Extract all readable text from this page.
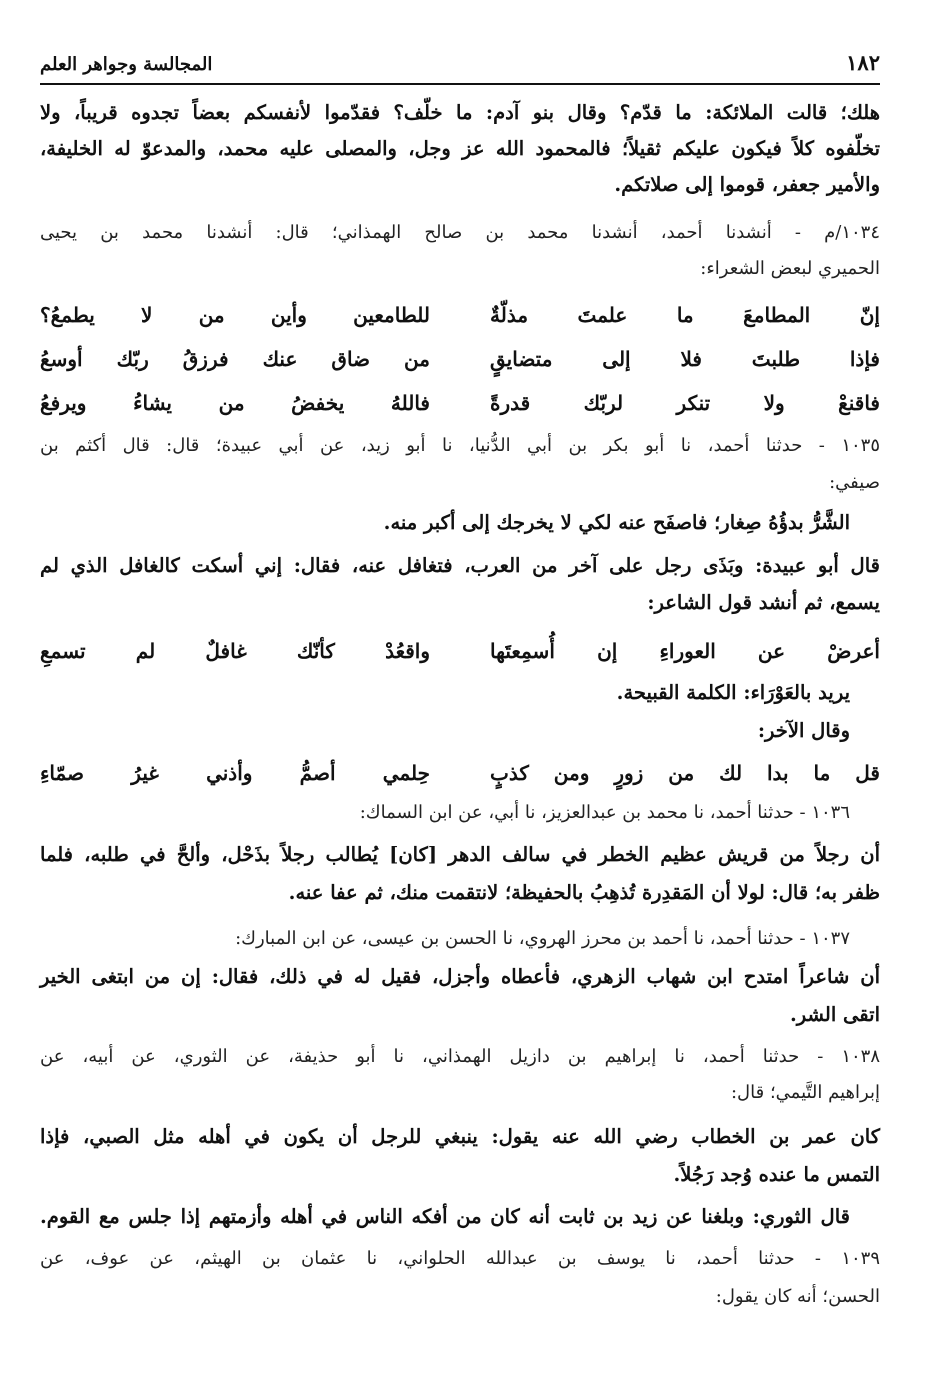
١٨٢
المجالسة وجواهر العلم
هلك؛ قالت الملائكة: ما قدّم؟ وقال بنو آدم: ما خلّف؟ فقدّموا لأنفسكم بعضاً تجدوه قريباً، ولا
تخلّفوه كلاً فيكون عليكم ثقيلاً؛ فالمحمود الله عز وجل، والمصلى عليه محمد، والمدعوّ له الخليفة،
والأمير جعفر، قوموا إلى صلاتكم.
١٠٣٤/م - أنشدنا أحمد، أنشدنا محمد بن صالح الهمذاني؛ قال: أنشدنا محمد بن يحيى
الحميري لبعض الشعراء:
إنّ المطامعَ ما علمتَ مذلّةٌ
للطامعين وأين من لا يطمعُ؟
فإذا طلبتَ فلا إلى متضايقٍ
من ضاق عنك فرزقُ ربّك أوسعُ
فاقنعْ ولا تنكر لربّك قدرةً
فاللهُ يخفضُ من يشاءُ ويرفعُ
١٠٣٥ - حدثنا أحمد، نا أبو بكر بن أبي الدُّنيا، نا أبو زيد، عن أبي عبيدة؛ قال: قال أكثم بن
صيفي:
الشَّرُّ بدؤُهُ صِغار؛ فاصفَح عنه لكي لا يخرجك إلى أكبر منه.
قال أبو عبيدة: وبَذَى رجل على آخر من العرب، فتغافل عنه، فقال: إني أسكت كالغافل الذي لم
يسمع، ثم أنشد قول الشاعر:
أعرضْ عن العوراءِ إن أُسمِعتَها
واقعُدْ كأنّك غافلٌ لم تسمعِ
يريد بالعَوْرَاء: الكلمة القبيحة.
وقال الآخر:
قل ما بدا لك من زورٍ ومن كذبٍ
حِلمي أصمُّ وأذني غيرُ صمّاءِ
١٠٣٦ - حدثنا أحمد، نا محمد بن عبدالعزيز، نا أبي، عن ابن السماك:
أن رجلاً من قريش عظيم الخطر في سالف الدهر [كان] يُطالب رجلاً بذَحْل، وألحَّ في طلبه، فلما
ظفر به؛ قال: لولا أن المَقدِرة تُذهِبُ بالحفيظة؛ لانتقمت منك، ثم عفا عنه.
١٠٣٧ - حدثنا أحمد، نا أحمد بن محرز الهروي، نا الحسن بن عيسى، عن ابن المبارك:
أن شاعراً امتدح ابن شهاب الزهري، فأعطاه وأجزل، فقيل له في ذلك، فقال: إن من ابتغى الخير
اتقى الشر.
١٠٣٨ - حدثنا أحمد، نا إبراهيم بن دازيل الهمذاني، نا أبو حذيفة، عن الثوري، عن أبيه، عن
إبراهيم التَّيمي؛ قال:
كان عمر بن الخطاب رضي الله عنه يقول: ينبغي للرجل أن يكون في أهله مثل الصبي، فإذا
التمس ما عنده وُجد رَجُلاً.
قال الثوري: وبلغنا عن زيد بن ثابت أنه كان من أفكه الناس في أهله وأزمتهم إذا جلس مع القوم.
١٠٣٩ - حدثنا أحمد، نا يوسف بن عبدالله الحلواني، نا عثمان بن الهيثم، عن عوف، عن
الحسن؛ أنه كان يقول:
